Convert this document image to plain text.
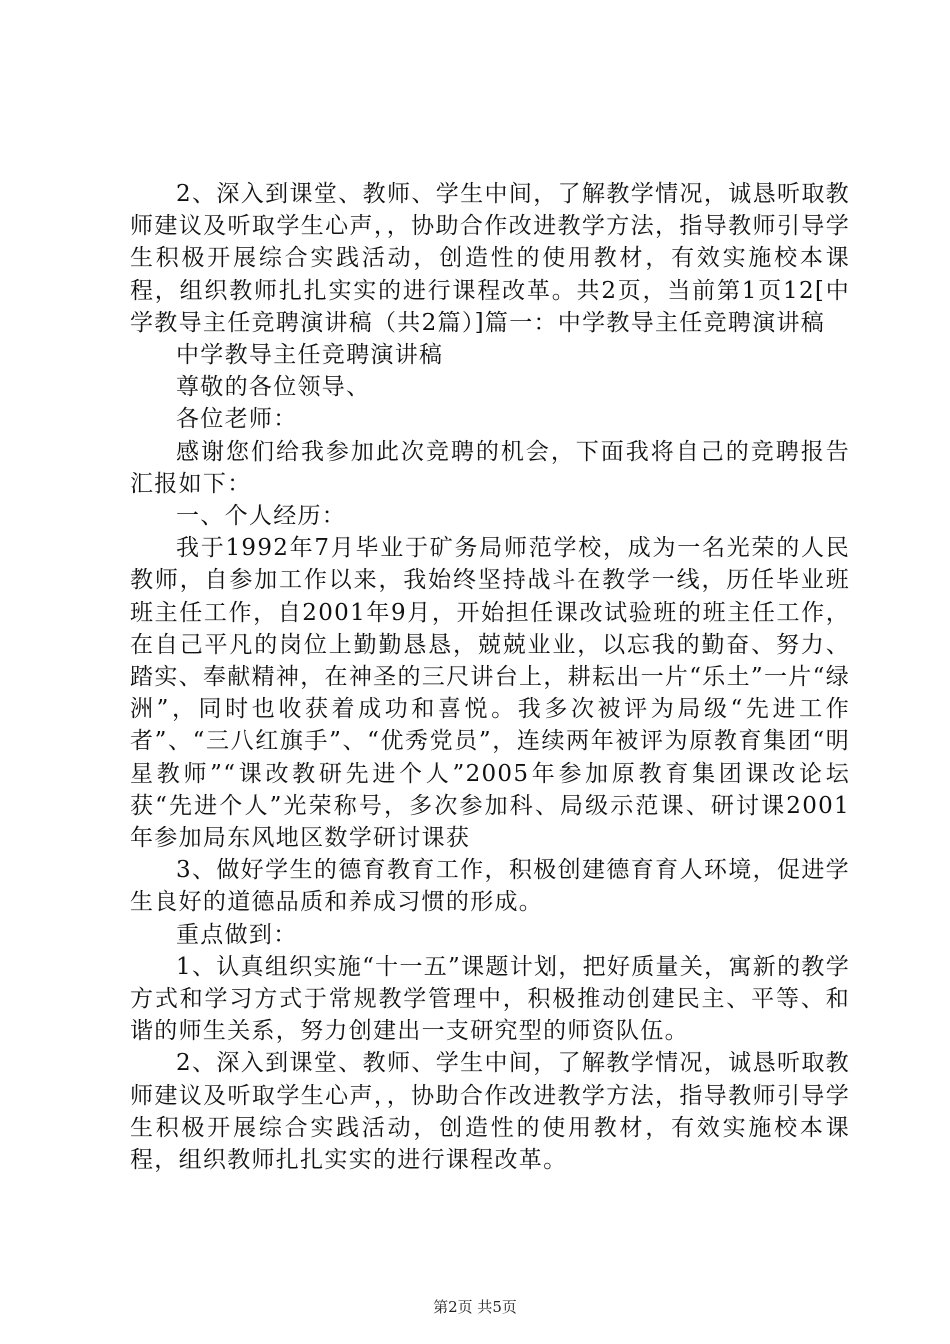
2、深入到课堂、教师、学生中间，了解教学情况，诚恳听取教师建议及听取学生心声，，协助合作改进教学方法，指导教师引导学生积极开展综合实践活动，创造性的使用教材，有效实施校本课程，组织教师扎扎实实的进行课程改革。共2页，当前第1页12[中学教导主任竞聘演讲稿（共2篇）]篇一：中学教导主任竞聘演讲稿

中学教导主任竞聘演讲稿

尊敬的各位领导、

各位老师：

感谢您们给我参加此次竞聘的机会，下面我将自己的竞聘报告汇报如下：

一、个人经历：

我于1992年7月毕业于矿务局师范学校，成为一名光荣的人民教师，自参加工作以来，我始终坚持战斗在教学一线，历任毕业班班主任工作，自2001年9月，开始担任课改试验班的班主任工作，在自己平凡的岗位上勤勤恳恳，兢兢业业，以忘我的勤奋、努力、踏实、奉献精神，在神圣的三尺讲台上，耕耘出一片“乐土”一片“绿洲”，同时也收获着成功和喜悦。我多次被评为局级“先进工作者”、“三八红旗手”、“优秀党员”，连续两年被评为原教育集团“明星教师”“课改教研先进个人”2005年参加原教育集团课改论坛获“先进个人”光荣称号，多次参加科、局级示范课、研讨课2001年参加局东风地区数学研讨课获

3、做好学生的德育教育工作，积极创建德育育人环境，促进学生良好的道德品质和养成习惯的形成。

重点做到：

1、认真组织实施“十一五”课题计划，把好质量关，寓新的教学方式和学习方式于常规教学管理中，积极推动创建民主、平等、和谐的师生关系，努力创建出一支研究型的师资队伍。

2、深入到课堂、教师、学生中间，了解教学情况，诚恳听取教师建议及听取学生心声，，协助合作改进教学方法，指导教师引导学生积极开展综合实践活动，创造性的使用教材，有效实施校本课程，组织教师扎扎实实的进行课程改革。

第2页 共5页
